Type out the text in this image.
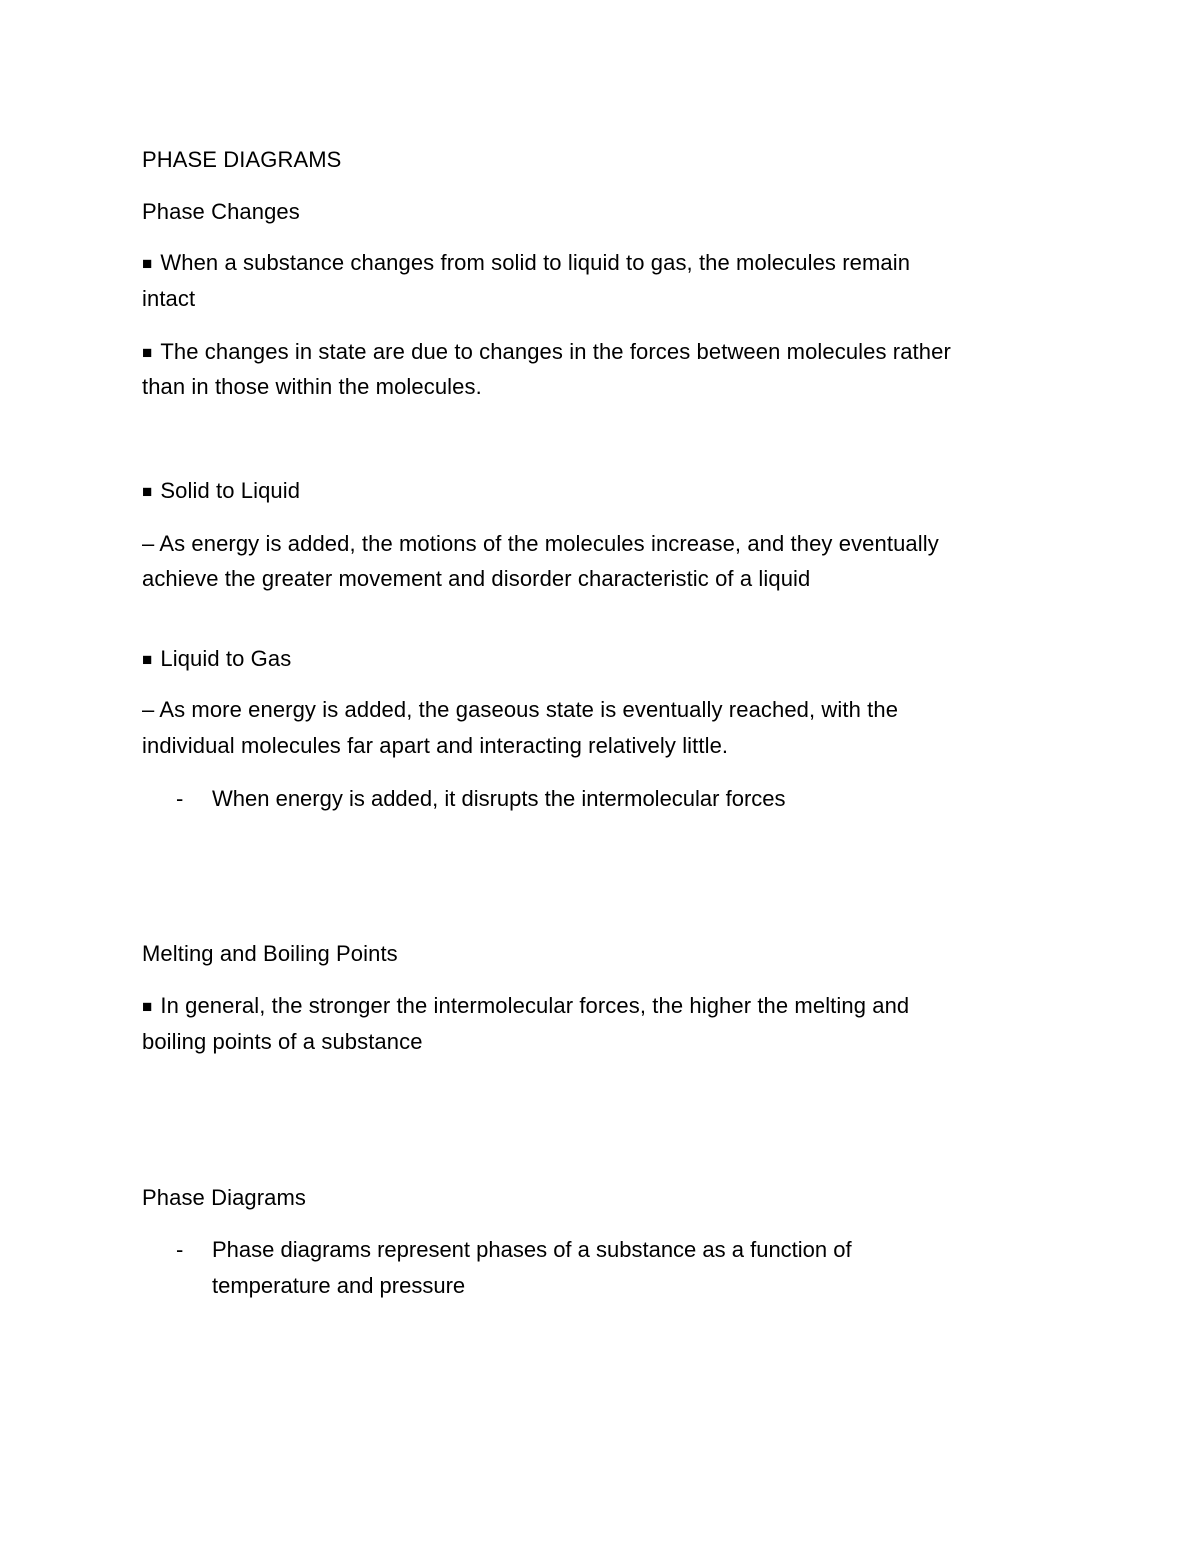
PHASE DIAGRAMS
Phase Changes
■ When a substance changes from solid to liquid to gas, the molecules remain
intact
■ The changes in state are due to changes in the forces between molecules rather
than in those within the molecules.
■ Solid to Liquid
– As energy is added, the motions of the molecules increase, and they eventually
achieve the greater movement and disorder characteristic of a liquid
■ Liquid to Gas
– As more energy is added, the gaseous state is eventually reached, with the
individual molecules far apart and interacting relatively little.
- When energy is added, it disrupts the intermolecular forces
Melting and Boiling Points
■ In general, the stronger the intermolecular forces, the higher the melting and
boiling points of a substance
Phase Diagrams
- Phase diagrams represent phases of a substance as a function of
temperature and pressure
